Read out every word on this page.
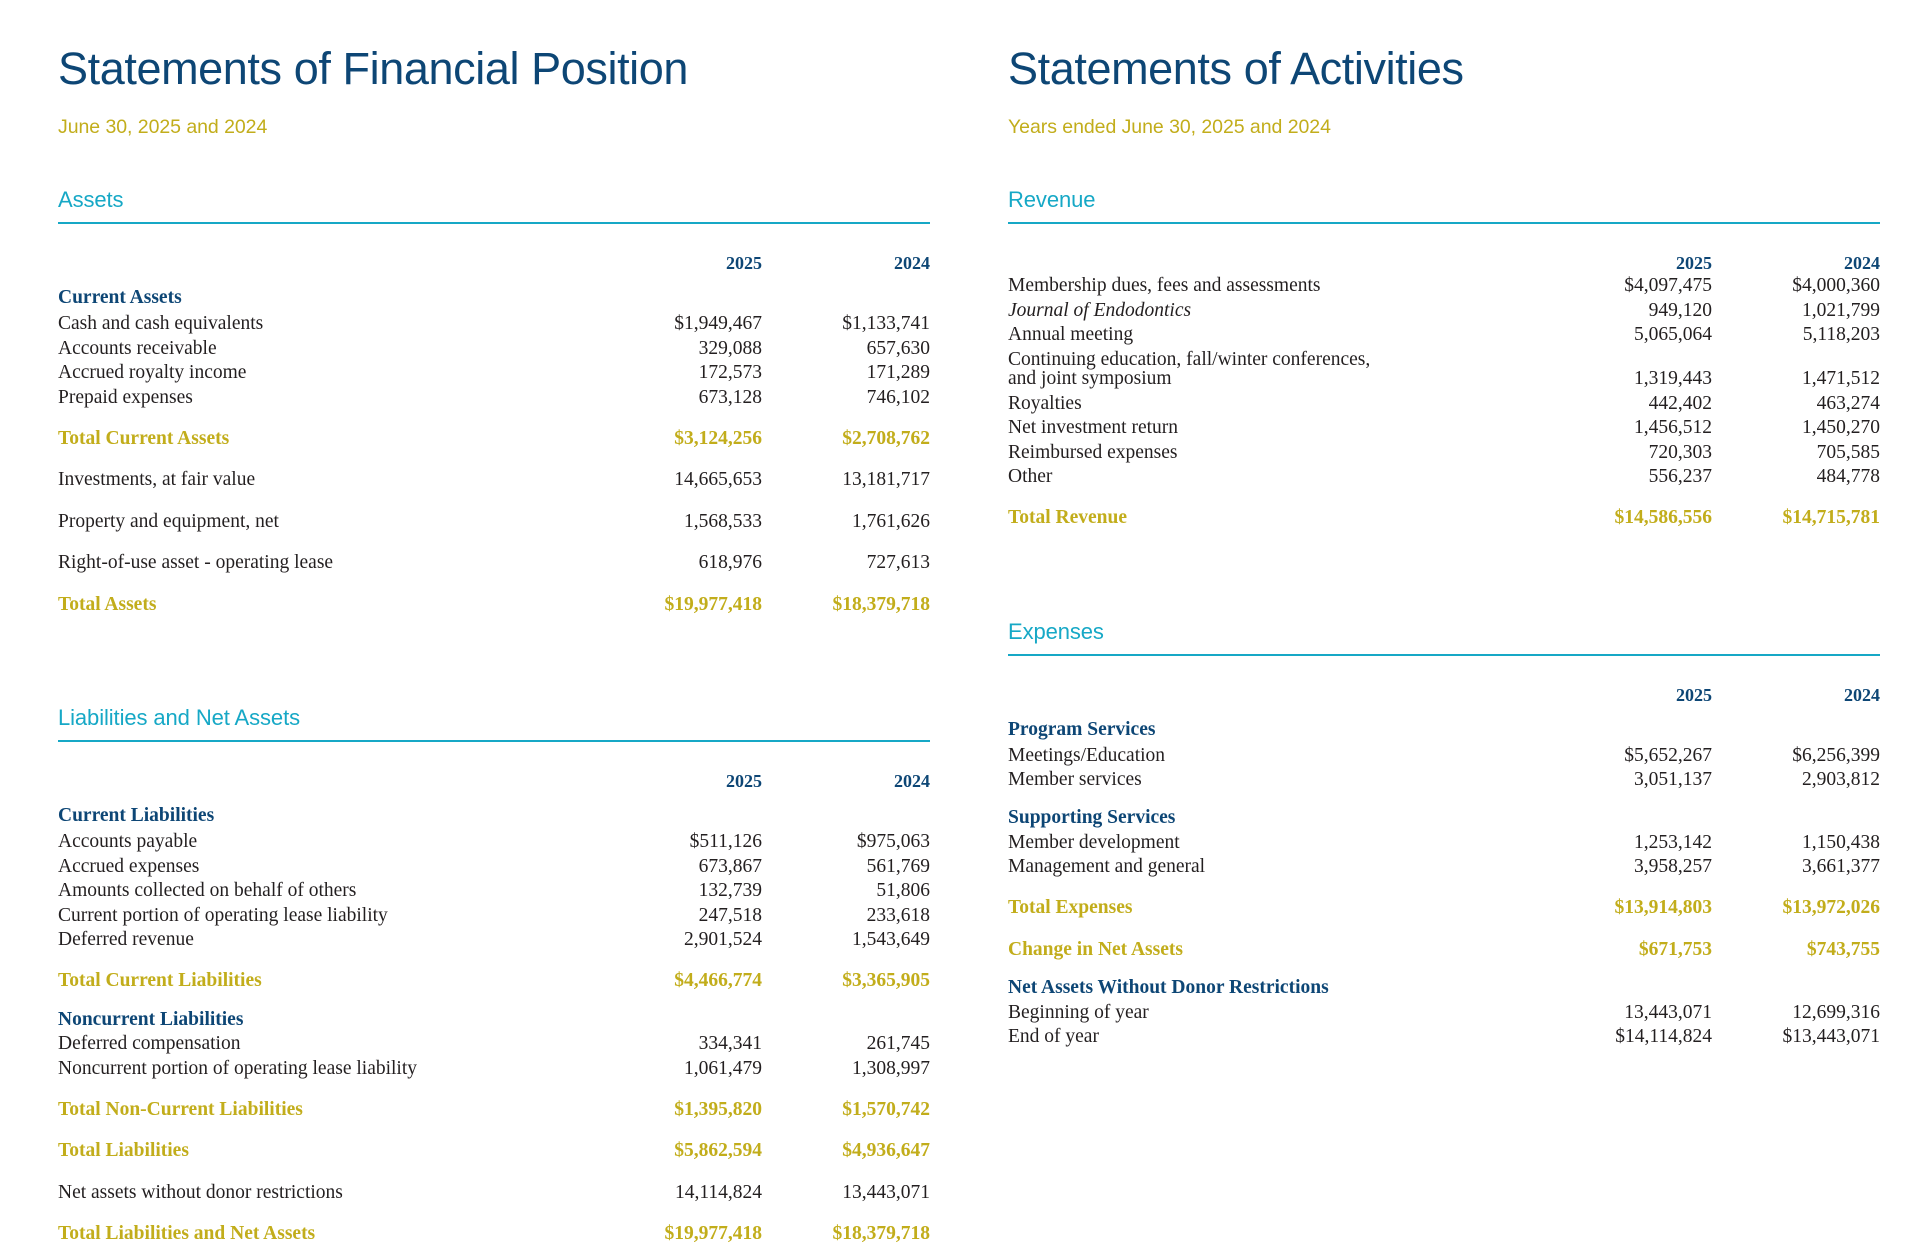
Statements of Financial Position
June 30, 2025 and 2024
Assets
	2025	2024
Current Assets		
Cash and cash equivalents	$1,949,467	$1,133,741
Accounts receivable	329,088	657,630
Accrued royalty income	172,573	171,289
Prepaid expenses	673,128	746,102
Total Current Assets	$3,124,256	$2,708,762
Investments, at fair value	14,665,653	13,181,717
Property and equipment, net	1,568,533	1,761,626
Right-of-use asset - operating lease	618,976	727,613
Total Assets	$19,977,418	$18,379,718
Liabilities and Net Assets
	2025	2024
Current Liabilities		
Accounts payable	$511,126	$975,063
Accrued expenses	673,867	561,769
Amounts collected on behalf of others	132,739	51,806
Current portion of operating lease liability	247,518	233,618
Deferred revenue	2,901,524	1,543,649
Total Current Liabilities	$4,466,774	$3,365,905
Noncurrent Liabilities		
Deferred compensation	334,341	261,745
Noncurrent portion of operating lease liability	1,061,479	1,308,997
Total Non-Current Liabilities	$1,395,820	$1,570,742
Total Liabilities	$5,862,594	$4,936,647
Net assets without donor restrictions	14,114,824	13,443,071
Total Liabilities and Net Assets	$19,977,418	$18,379,718
Statements of Activities
Years ended June 30, 2025 and 2024
Revenue
	2025	2024
Membership dues, fees and assessments	$4,097,475	$4,000,360
Journal of Endodontics	949,120	1,021,799
Annual meeting	5,065,064	5,118,203
Continuing education, fall/winter conferences,		
and joint symposium	1,319,443	1,471,512
Royalties	442,402	463,274
Net investment return	1,456,512	1,450,270
Reimbursed expenses	720,303	705,585
Other	556,237	484,778
Total Revenue	$14,586,556	$14,715,781
Expenses
	2025	2024
Program Services		
Meetings/Education	$5,652,267	$6,256,399
Member services	3,051,137	2,903,812
Supporting Services		
Member development	1,253,142	1,150,438
Management and general	3,958,257	3,661,377
Total Expenses	$13,914,803	$13,972,026
Change in Net Assets	$671,753	$743,755
Net Assets Without Donor Restrictions		
Beginning of year	13,443,071	12,699,316
End of year	$14,114,824	$13,443,071
